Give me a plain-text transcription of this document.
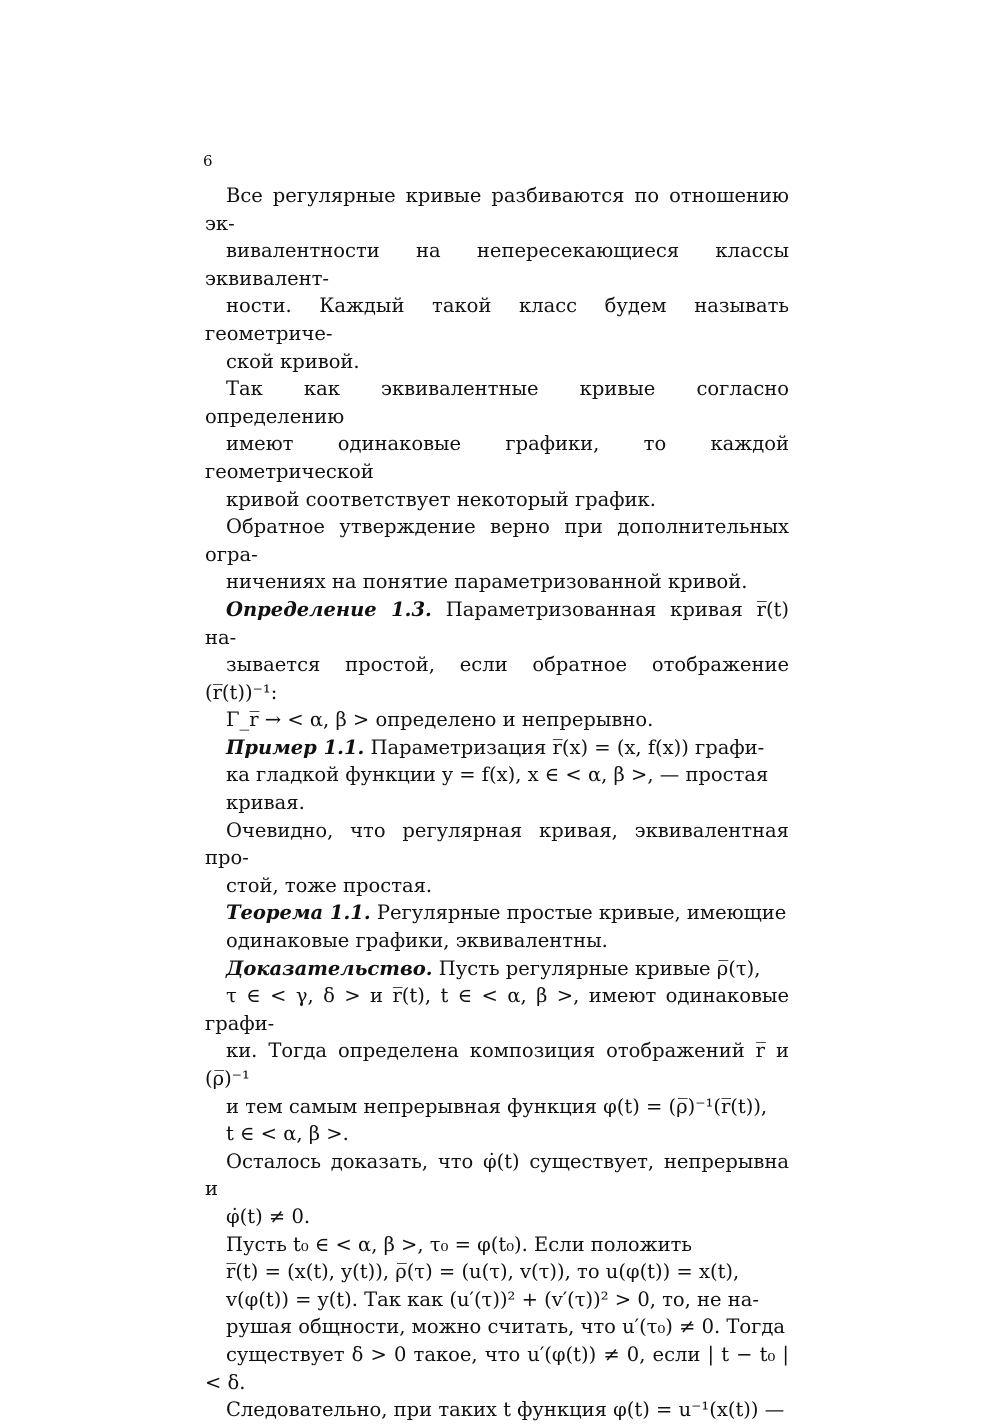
6

Все регулярные кривые разбиваются по отношению эк-
вивалентности на непересекающиеся классы эквивалент-
ности. Каждый такой класс будем называть геометриче-
ской кривой.

Так как эквивалентные кривые согласно определению
имеют одинаковые графики, то каждой геометрической
кривой соответствует некоторый график.

Обратное утверждение верно при дополнительных огра-
ничениях на понятие параметризованной кривой.

Определение 1.3. Параметризованная кривая r̅(t) на-
зывается простой, если обратное отображение (r̅(t))⁻¹:
Γ_r̅ → < α, β > определено и непрерывно.

Пример 1.1. Параметризация r̅(x) = (x, f(x)) графи-
ка гладкой функции y = f(x), x ∈ < α, β >, — простая
кривая.

Очевидно, что регулярная кривая, эквивалентная про-
стой, тоже простая.

Теорема 1.1. Регулярные простые кривые, имеющие
одинаковые графики, эквивалентны.

Доказательство. Пусть регулярные кривые ρ̅(τ),
τ ∈ < γ, δ > и r̅(t), t ∈ < α, β >, имеют одинаковые графи-
ки. Тогда определена композиция отображений r̅ и (ρ̅)⁻¹
и тем самым непрерывная функция φ(t) = (ρ̅)⁻¹(r̅(t)),
t ∈ < α, β >.

Осталось доказать, что φ̇(t) существует, непрерывна и
φ̇(t) ≠ 0.

Пусть t₀ ∈ < α, β >, τ₀ = φ(t₀). Если положить
r̅(t) = (x(t), y(t)), ρ̅(τ) = (u(τ), v(τ)), то u(φ(t)) = x(t),
v(φ(t)) = y(t). Так как (u′(τ))² + (v′(τ))² > 0, то, не на-
рушая общности, можно считать, что u′(τ₀) ≠ 0. Тогда
существует δ > 0 такое, что u′(φ(t)) ≠ 0, если | t − t₀ |< δ.
Следовательно, при таких t функция φ(t) = u⁻¹(x(t)) —
